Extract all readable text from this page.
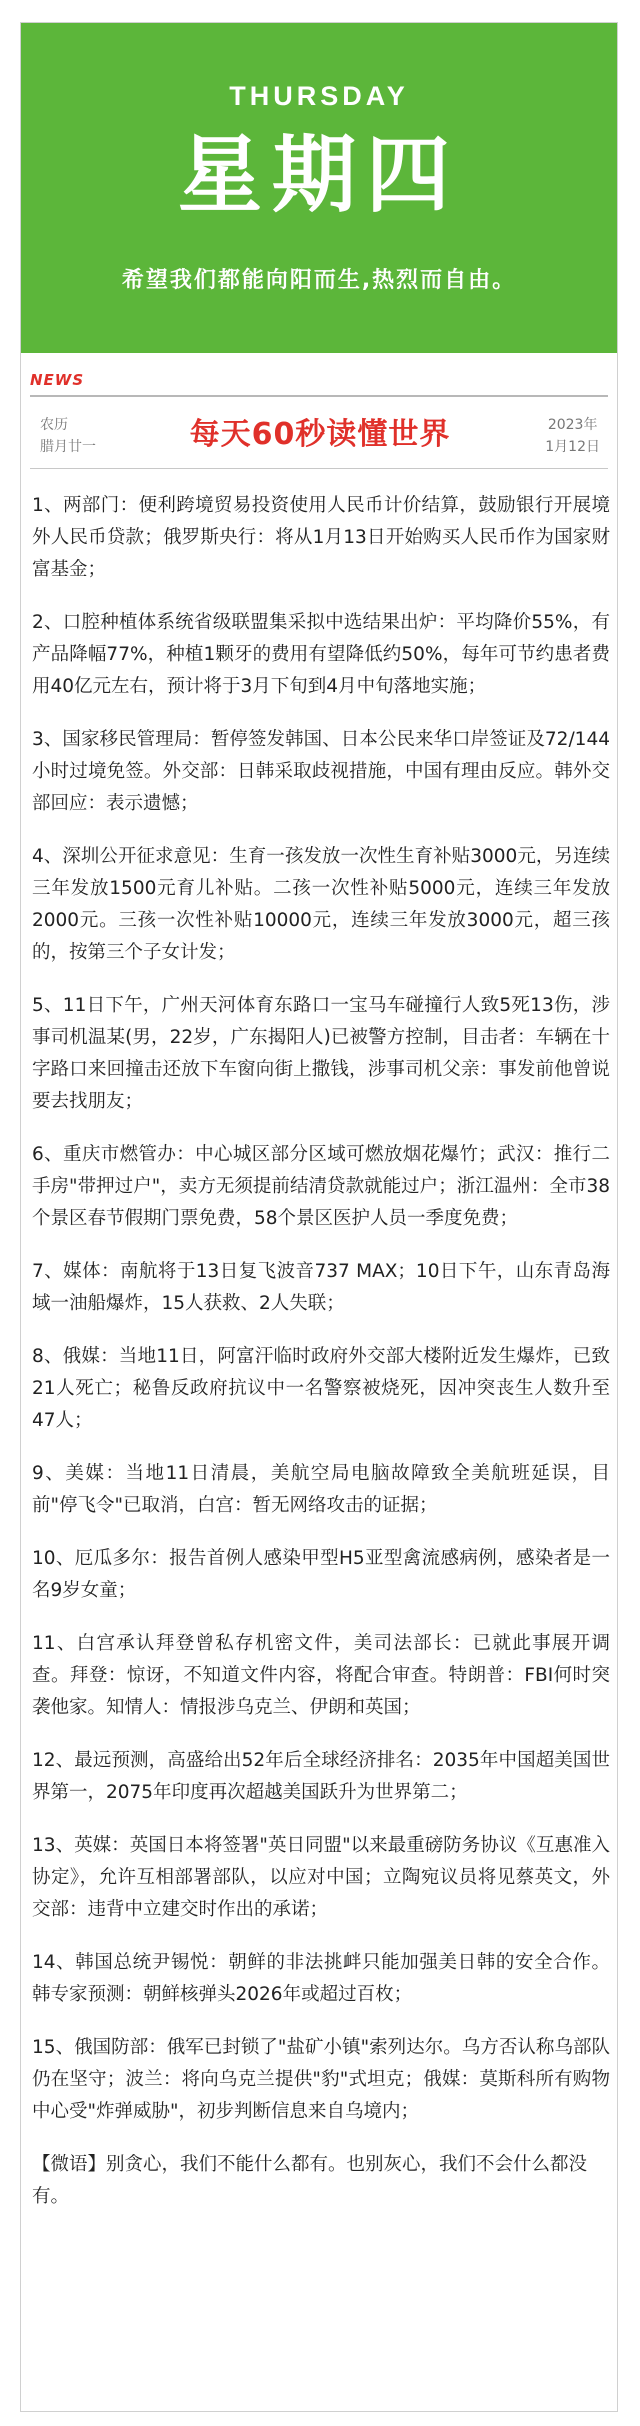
THURSDAY
星期四
希望我们都能向阳而生,热烈而自由。
NEWS
农历
腊月廿一	每天60秒读懂世界	2023年
1月12日

1、两部门：便利跨境贸易投资使用人民币计价结算，鼓励银行开展境外人民币贷款；俄罗斯央行：将从1月13日开始购买人民币作为国家财富基金；

2、口腔种植体系统省级联盟集采拟中选结果出炉：平均降价55%，有产品降幅77%，种植1颗牙的费用有望降低约50%，每年可节约患者费用40亿元左右，预计将于3月下旬到4月中旬落地实施；

3、国家移民管理局：暂停签发韩国、日本公民来华口岸签证及72/144小时过境免签。外交部：日韩采取歧视措施，中国有理由反应。韩外交部回应：表示遗憾；

4、深圳公开征求意见：生育一孩发放一次性生育补贴3000元，另连续三年发放1500元育儿补贴。二孩一次性补贴5000元，连续三年发放2000元。三孩一次性补贴10000元，连续三年发放3000元，超三孩的，按第三个子女计发；

5、11日下午，广州天河体育东路口一宝马车碰撞行人致5死13伤，涉事司机温某(男，22岁，广东揭阳人)已被警方控制，目击者：车辆在十字路口来回撞击还放下车窗向街上撒钱，涉事司机父亲：事发前他曾说要去找朋友；

6、重庆市燃管办：中心城区部分区域可燃放烟花爆竹；武汉：推行二手房"带押过户"，卖方无须提前结清贷款就能过户；浙江温州：全市38个景区春节假期门票免费，58个景区医护人员一季度免费；

7、媒体：南航将于13日复飞波音737 MAX；10日下午，山东青岛海域一油船爆炸，15人获救、2人失联；

8、俄媒：当地11日，阿富汗临时政府外交部大楼附近发生爆炸，已致21人死亡；秘鲁反政府抗议中一名警察被烧死，因冲突丧生人数升至47人；

9、美媒：当地11日清晨，美航空局电脑故障致全美航班延误，目前"停飞令"已取消，白宫：暂无网络攻击的证据；

10、厄瓜多尔：报告首例人感染甲型H5亚型禽流感病例，感染者是一名9岁女童；

11、白宫承认拜登曾私存机密文件，美司法部长：已就此事展开调查。拜登：惊讶，不知道文件内容，将配合审查。特朗普：FBI何时突袭他家。知情人：情报涉乌克兰、伊朗和英国；

12、最远预测，高盛给出52年后全球经济排名：2035年中国超美国世界第一，2075年印度再次超越美国跃升为世界第二；

13、英媒：英国日本将签署"英日同盟"以来最重磅防务协议《互惠准入协定》，允许互相部署部队，以应对中国；立陶宛议员将见蔡英文，外交部：违背中立建交时作出的承诺；

14、韩国总统尹锡悦：朝鲜的非法挑衅只能加强美日韩的安全合作。韩专家预测：朝鲜核弹头2026年或超过百枚；

15、俄国防部：俄军已封锁了"盐矿小镇"索列达尔。乌方否认称乌部队仍在坚守；波兰：将向乌克兰提供"豹"式坦克；俄媒：莫斯科所有购物中心受"炸弹威胁"，初步判断信息来自乌境内；

【微语】别贪心，我们不能什么都有。也别灰心，我们不会什么都没有。
